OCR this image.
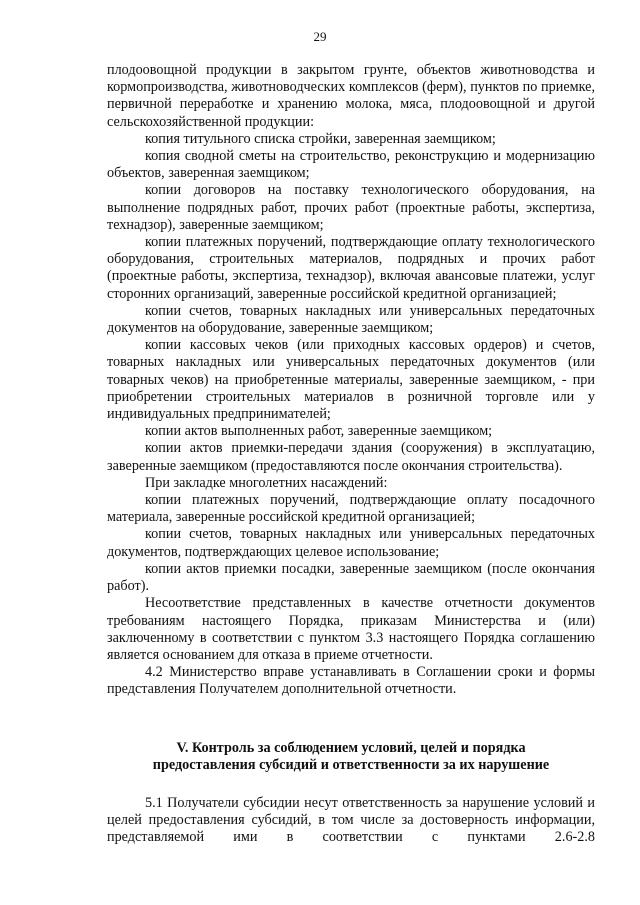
29

плодоовощной продукции в закрытом грунте, объектов животноводства и кормопроизводства, животноводческих комплексов (ферм), пунктов по приемке, первичной переработке и хранению молока, мяса, плодоовощной и другой сельскохозяйственной продукции:

копия титульного списка стройки, заверенная заемщиком;

копия сводной сметы на строительство, реконструкцию и модернизацию объектов, заверенная заемщиком;

копии договоров на поставку технологического оборудования, на выполнение подрядных работ, прочих работ (проектные работы, экспертиза, технадзор), заверенные заемщиком;

копии платежных поручений, подтверждающие оплату технологического оборудования, строительных материалов, подрядных и прочих работ (проектные работы, экспертиза, технадзор), включая авансовые платежи, услуг сторонних организаций, заверенные российской кредитной организацией;

копии счетов, товарных накладных или универсальных передаточных документов на оборудование, заверенные заемщиком;

копии кассовых чеков (или приходных кассовых ордеров) и счетов, товарных накладных или универсальных передаточных документов (или товарных чеков) на приобретенные материалы, заверенные заемщиком, - при приобретении строительных материалов в розничной торговле или у индивидуальных предпринимателей;

копии актов выполненных работ, заверенные заемщиком;

копии актов приемки-передачи здания (сооружения) в эксплуатацию, заверенные заемщиком (предоставляются после окончания строительства).

При закладке многолетних насаждений:

копии платежных поручений, подтверждающие оплату посадочного материала, заверенные российской кредитной организацией;

копии счетов, товарных накладных или универсальных передаточных документов, подтверждающих целевое использование;

копии актов приемки посадки, заверенные заемщиком (после окончания работ).

Несоответствие представленных в качестве отчетности документов требованиям настоящего Порядка, приказам Министерства и (или) заключенному в соответствии с пунктом 3.3 настоящего Порядка соглашению является основанием для отказа в приеме отчетности.

4.2 Министерство вправе устанавливать в Соглашении сроки и формы представления Получателем дополнительной отчетности.

V. Контроль за соблюдением условий, целей и порядка
предоставления субсидий и ответственности за их нарушение

5.1 Получатели субсидии несут ответственность за нарушение условий и целей предоставления субсидий, в том числе за достоверность информации, представляемой ими в соответствии с пунктами 2.6-2.8
